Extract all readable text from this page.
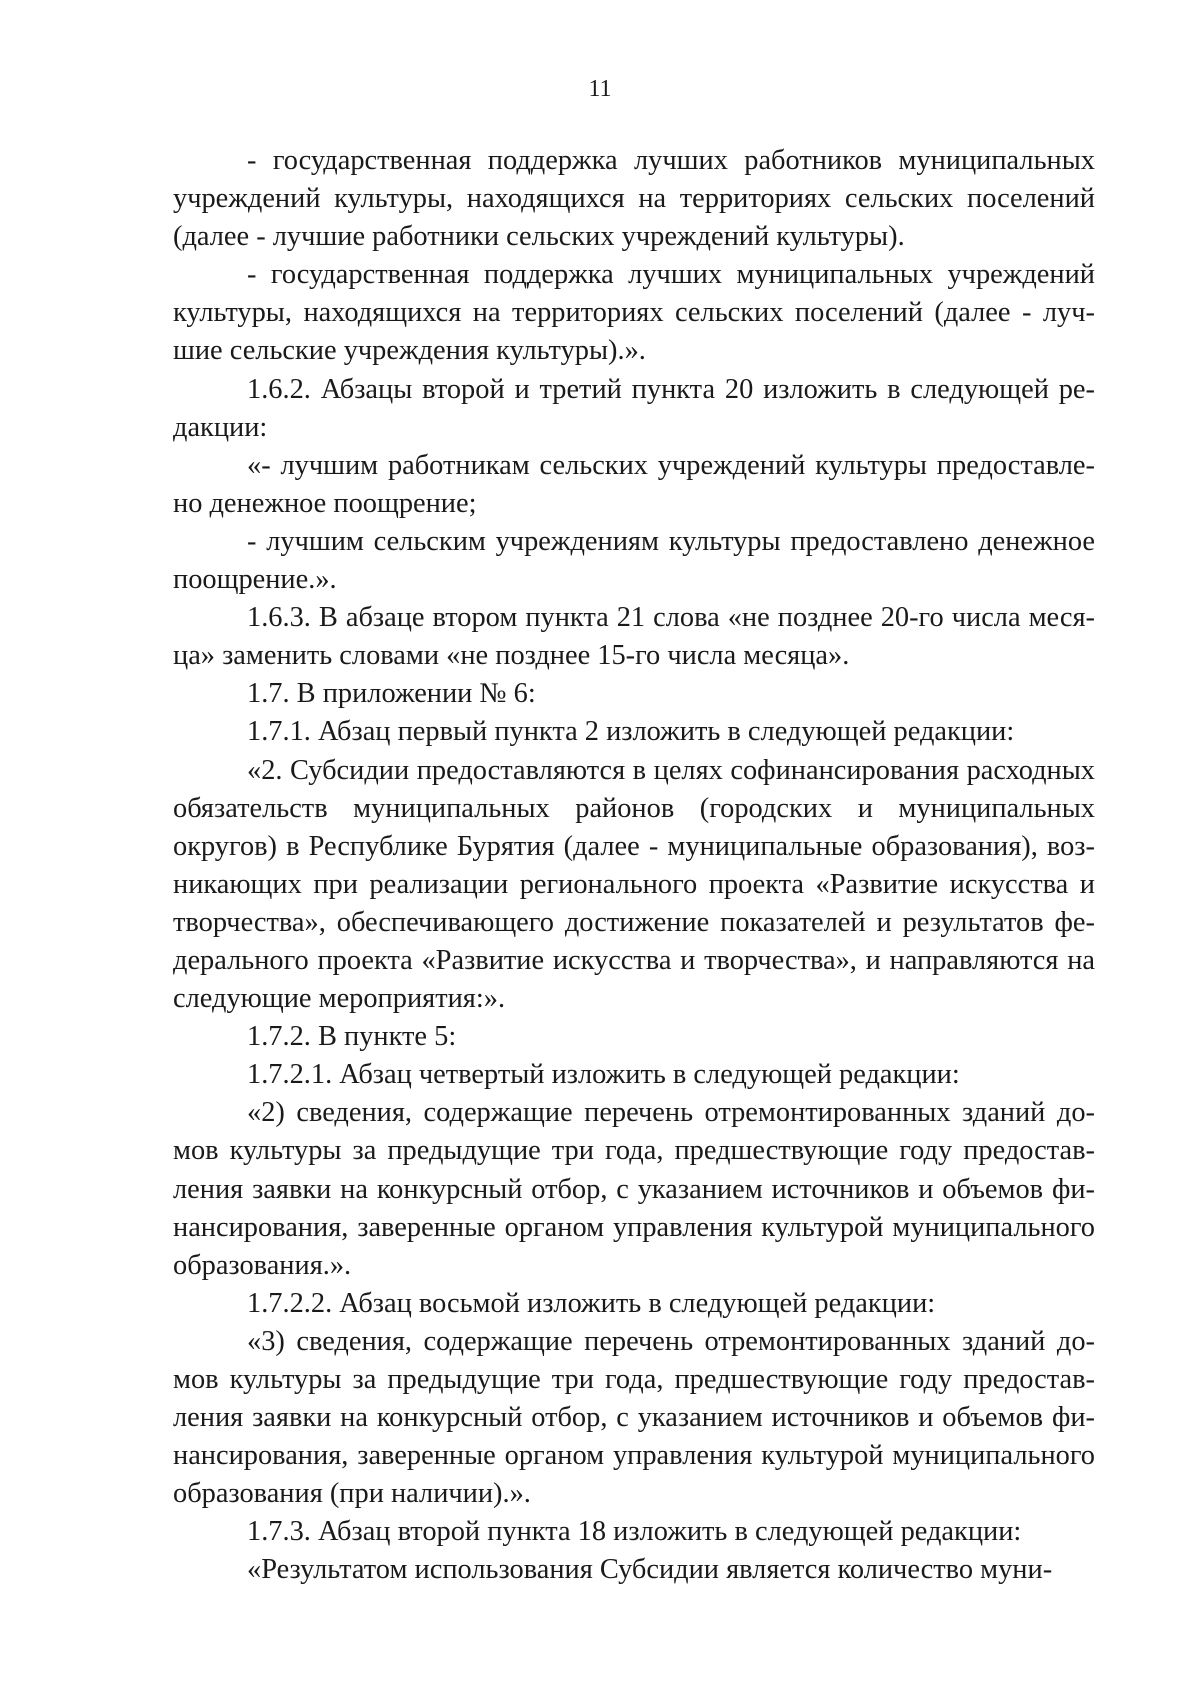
11

- государственная поддержка лучших работников муниципальных учреждений культуры, находящихся на территориях сельских поселений (далее - лучшие работники сельских учреждений культуры).

- государственная поддержка лучших муниципальных учреждений культуры, находящихся на территориях сельских поселений (далее - лучшие сельские учреждения культуры).».

1.6.2. Абзацы второй и третий пункта 20 изложить в следующей редакции:

«- лучшим работникам сельских учреждений культуры предоставлено денежное поощрение;

- лучшим сельским учреждениям культуры предоставлено денежное поощрение.».

1.6.3. В абзаце втором пункта 21 слова «не позднее 20-го числа месяца» заменить словами «не позднее 15-го числа месяца».

1.7. В приложении № 6:

1.7.1. Абзац первый пункта 2 изложить в следующей редакции:

«2. Субсидии предоставляются в целях софинансирования расходных обязательств муниципальных районов (городских и муниципальных округов) в Республике Бурятия (далее - муниципальные образования), возникающих при реализации регионального проекта «Развитие искусства и творчества», обеспечивающего достижение показателей и результатов федерального проекта «Развитие искусства и творчества», и направляются на следующие мероприятия:».

1.7.2. В пункте 5:

1.7.2.1. Абзац четвертый изложить в следующей редакции:

«2) сведения, содержащие перечень отремонтированных зданий домов культуры за предыдущие три года, предшествующие году предоставления заявки на конкурсный отбор, с указанием источников и объемов финансирования, заверенные органом управления культурой муниципального образования.».

1.7.2.2. Абзац восьмой изложить в следующей редакции:

«3) сведения, содержащие перечень отремонтированных зданий домов культуры за предыдущие три года, предшествующие году предоставления заявки на конкурсный отбор, с указанием источников и объемов финансирования, заверенные органом управления культурой муниципального образования (при наличии).».

1.7.3. Абзац второй пункта 18 изложить в следующей редакции:

«Результатом использования Субсидии является количество муни-
